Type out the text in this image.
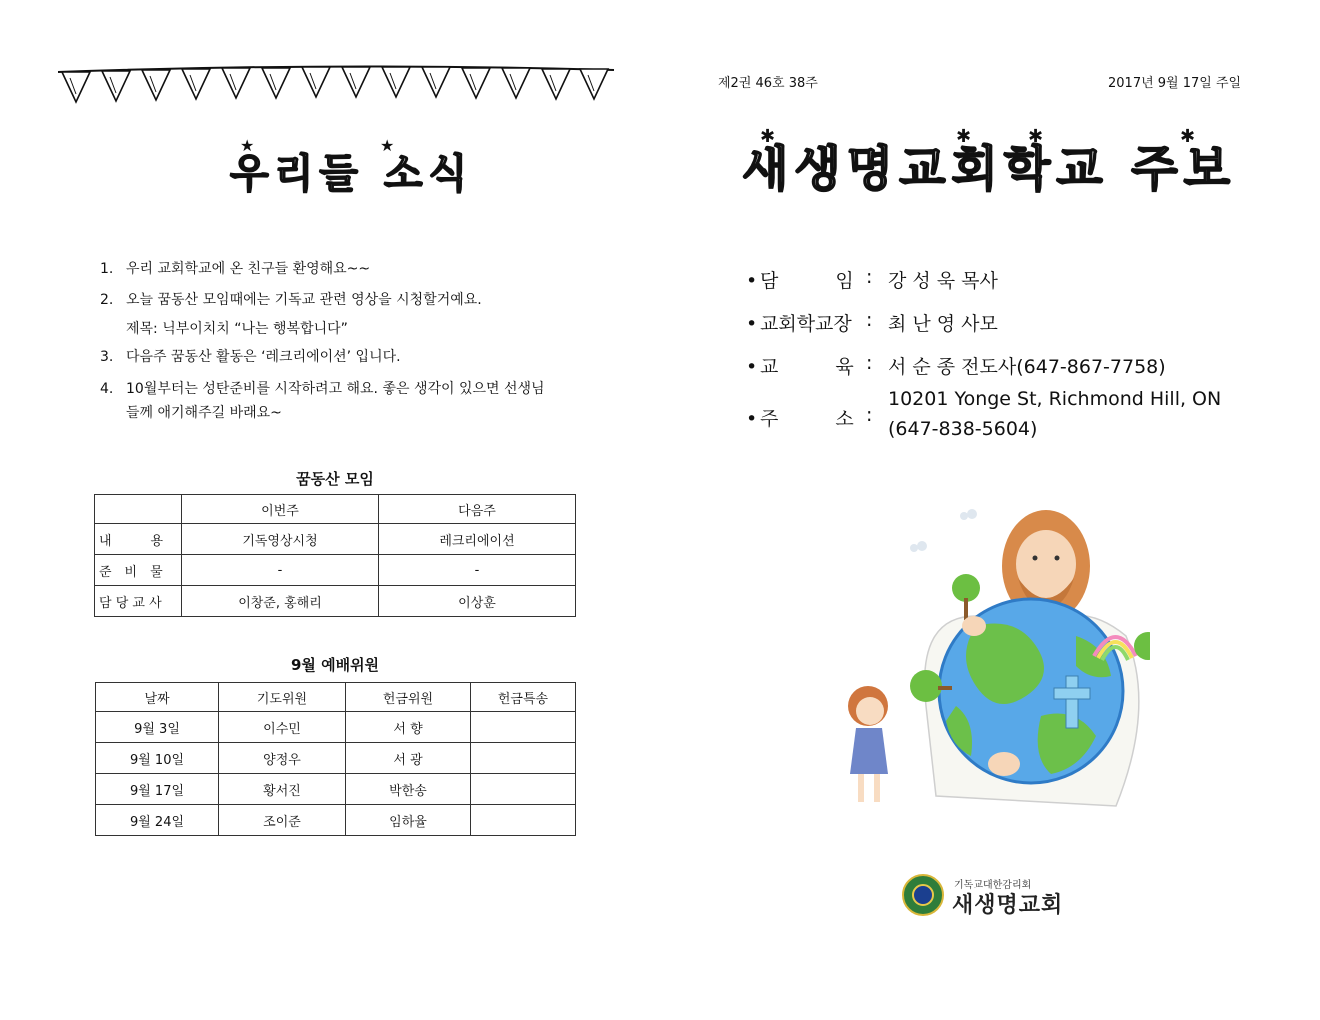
★	★
우리들 소식
1. 우리 교회학교에 온 친구들 환영해요~~
2. 오늘 꿈동산 모임때에는 기독교 관련 영상을 시청할거예요.
제목: 닉부이치치 “나는 행복합니다”
3. 다음주 꿈동산 활동은 ‘레크리에이션’ 입니다.
4. 10월부터는 성탄준비를 시작하려고 해요. 좋은 생각이 있으면 선생님들께 애기해주길 바래요~
꿈동산 모임
	이번주	다음주
내　　　용	기독영상시청	레크리에이션
준　비　물	-	-
담 당 교 사	이창준, 홍해리	이상훈
9월 예배위원
날짜	기도위원	헌금위원	헌금특송
9월 3일	이수민	서 향	
9월 10일	양정우	서 광	
9월 17일	황서진	박한송	
9월 24일	조이준	임하율	
제2권 46호 38주	2017년 9월 17일 주일
✱	✱	✱	✱
새생명교회학교 주보
• 담　　　임 : 강 성 욱 목사
• 교회학교장 : 최 난 영 사모
• 교　　　육 : 서 순 종 전도사(647-867-7758)
• 주　　　소 :
10201 Yonge St, Richmond Hill, ON
(647-838-5604)
기독교대한감리회
새생명교회
